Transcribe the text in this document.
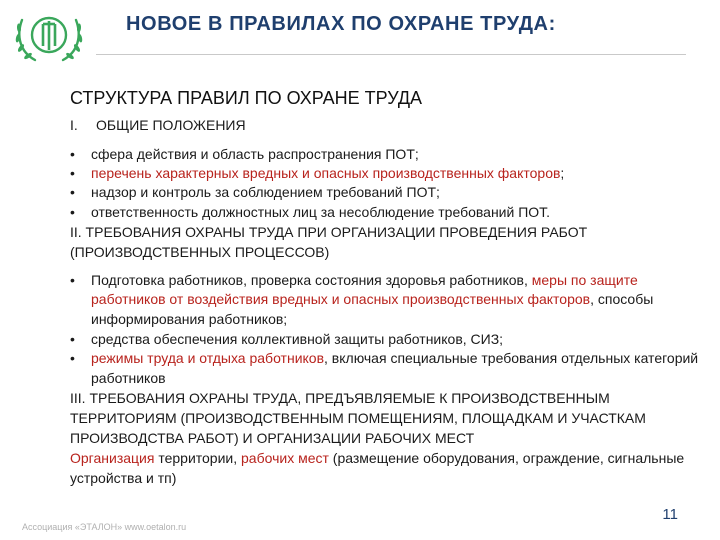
НОВОЕ В ПРАВИЛАХ ПО ОХРАНЕ ТРУДА:
СТРУКТУРА ПРАВИЛ ПО ОХРАНЕ ТРУДА

I. ОБЩИЕ ПОЛОЖЕНИЯ

• сфера действия и область распространения ПОТ;
• перечень характерных вредных и опасных производственных факторов;
• надзор и контроль за соблюдением требований ПОТ;
• ответственность должностных лиц за несоблюдение требований ПОТ.

II. ТРЕБОВАНИЯ ОХРАНЫ ТРУДА ПРИ ОРГАНИЗАЦИИ ПРОВЕДЕНИЯ РАБОТ (ПРОИЗВОДСТВЕННЫХ ПРОЦЕССОВ)

• Подготовка работников, проверка состояния здоровья работников, меры по защите работников от воздействия вредных и опасных производственных факторов, способы информирования работников;
• средства обеспечения коллективной защиты работников, СИЗ;
• режимы труда и отдыха работников, включая специальные требования отдельных категорий работников

III. ТРЕБОВАНИЯ ОХРАНЫ ТРУДА, ПРЕДЪЯВЛЯЕМЫЕ К ПРОИЗВОДСТВЕННЫМ ТЕРРИТОРИЯМ (ПРОИЗВОДСТВЕННЫМ ПОМЕЩЕНИЯМ, ПЛОЩАДКАМ И УЧАСТКАМ ПРОИЗВОДСТВА РАБОТ) И ОРГАНИЗАЦИИ РАБОЧИХ МЕСТ

Организация территории, рабочих мест (размещение оборудования, ограждение, сигнальные устройства и тп)

Ассоциация «ЭТАЛОН» www.oetalon.ru
11
